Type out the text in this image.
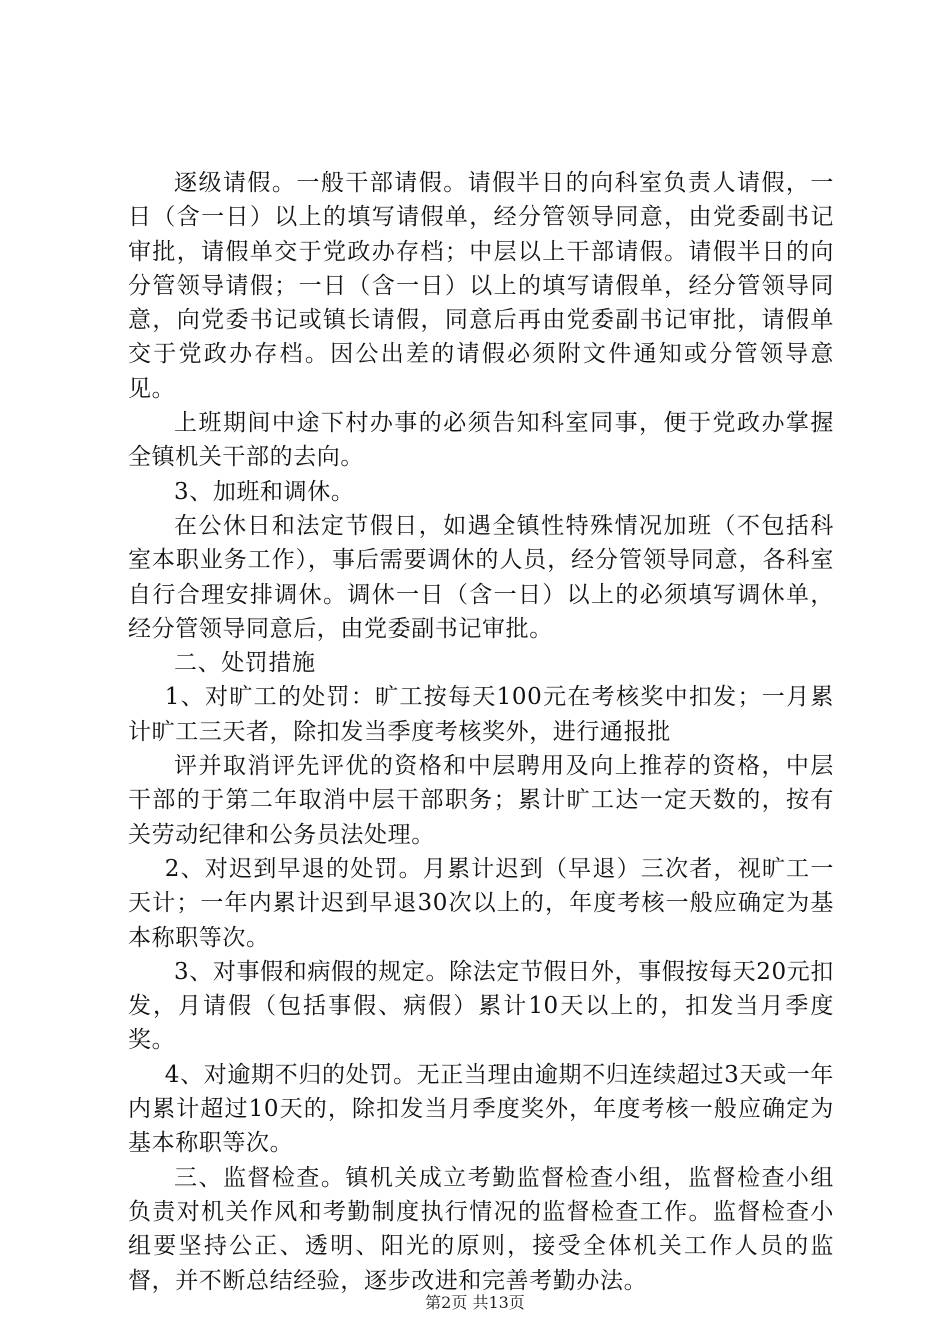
逐级请假。一般干部请假。请假半日的向科室负责人请假，一日（含一日）以上的填写请假单，经分管领导同意，由党委副书记审批，请假单交于党政办存档；中层以上干部请假。请假半日的向分管领导请假；一日（含一日）以上的填写请假单，经分管领导同意，向党委书记或镇长请假，同意后再由党委副书记审批，请假单交于党政办存档。因公出差的请假必须附文件通知或分管领导意见。

上班期间中途下村办事的必须告知科室同事，便于党政办掌握全镇机关干部的去向。

3、加班和调休。

在公休日和法定节假日，如遇全镇性特殊情况加班（不包括科室本职业务工作），事后需要调休的人员，经分管领导同意，各科室自行合理安排调休。调休一日（含一日）以上的必须填写调休单，经分管领导同意后，由党委副书记审批。

二、处罚措施

1、对旷工的处罚：旷工按每天100元在考核奖中扣发；一月累计旷工三天者，除扣发当季度考核奖外，进行通报批

评并取消评先评优的资格和中层聘用及向上推荐的资格，中层干部的于第二年取消中层干部职务；累计旷工达一定天数的，按有关劳动纪律和公务员法处理。

2、对迟到早退的处罚。月累计迟到（早退）三次者，视旷工一天计；一年内累计迟到早退30次以上的，年度考核一般应确定为基本称职等次。

3、对事假和病假的规定。除法定节假日外，事假按每天20元扣发，月请假（包括事假、病假）累计10天以上的，扣发当月季度奖。

4、对逾期不归的处罚。无正当理由逾期不归连续超过3天或一年内累计超过10天的，除扣发当月季度奖外，年度考核一般应确定为基本称职等次。

三、监督检查。镇机关成立考勤监督检查小组，监督检查小组负责对机关作风和考勤制度执行情况的监督检查工作。监督检查小组要坚持公正、透明、阳光的原则，接受全体机关工作人员的监督，并不断总结经验，逐步改进和完善考勤办法。

第2页 共13页
